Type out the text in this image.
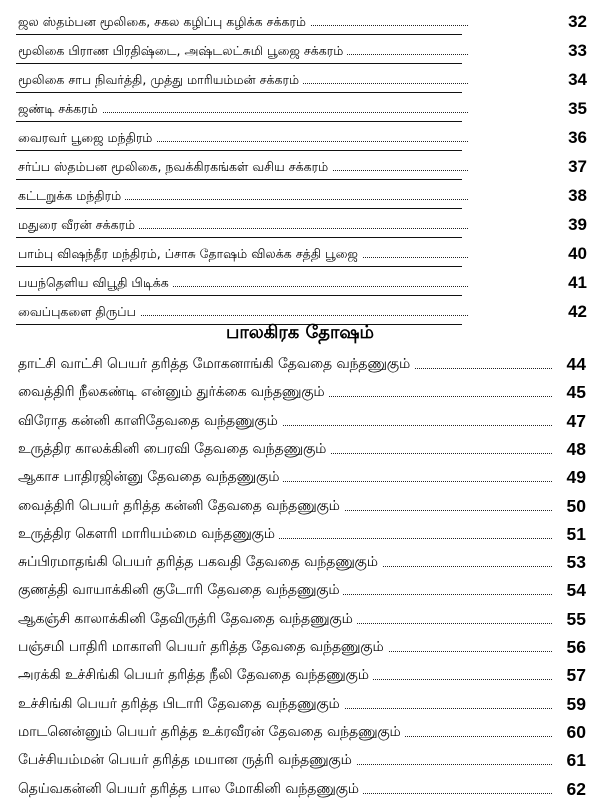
ஜல ஸ்தம்பன மூலிகை, சகல கழிப்பு கழிக்க சக்கரம்	32
மூலிகை பிராண பிரதிஷ்டை, அஷ்டலட்சுமி பூஜை சக்கரம்	33
மூலிகை சாப நிவர்த்தி, முத்து மாரியம்மன் சக்கரம்	34
ஜண்டி சக்கரம்	35
வைரவர் பூஜை மந்திரம்	36
சர்ப்ப ஸ்தம்பன மூலிகை, நவக்கிரகங்கள் வசிய சக்கரம்	37
கட்டறுக்க மந்திரம்	38
மதுரை வீரன் சக்கரம்	39
பாம்பு விஷந்தீர மந்திரம், ப்சாசு தோஷம் விலக்க சத்தி பூஜை	40
பயந்தெளிய விபூதி பிடிக்க	41
வைப்புகளை திருப்ப	42
பாலகிரக தோஷம்
தாட்சி வாட்சி பெயர் தரித்த மோகனாங்கி தேவதை வந்தணுகும்	44
வைத்திரி நீலகண்டி என்னும் துர்க்கை வந்தணுகும்	45
விரோத கன்னி காளிதேவதை வந்தணுகும்	47
உருத்திர காலக்கினி பைரவி தேவதை வந்தணுகும்	48
ஆகாச பாதிரஜின்னு தேவதை வந்தணுகும்	49
வைத்திரி பெயர் தரித்த கன்னி தேவதை வந்தணுகும்	50
உருத்திர கௌரி மாரியம்மை வந்தணுகும்	51
சுப்பிரமாதங்கி பெயர் தரித்த பகவதி தேவதை வந்தணுகும்	53
குணத்தி வாயாக்கினி குடோரி தேவதை வந்தணுகும்	54
ஆகஞ்சி காலாக்கினி தேவிருத்ரி தேவதை வந்தணுகும்	55
பஞ்சமி பாதிரி மாகாளி பெயர் தரித்த தேவதை வந்தணுகும்	56
அரக்கி உச்சிங்கி பெயர் தரித்த நீலி தேவதை வந்தணுகும்	57
உச்சிங்கி பெயர் தரித்த பிடாரி தேவதை வந்தணுகும்	59
மாடனென்னும் பெயர் தரித்த உக்ரவீரன் தேவதை வந்தணுகும்	60
பேச்சியம்மன் பெயர் தரித்த மயான ருத்ரி வந்தணுகும்	61
தெய்வகன்னி பெயர் தரித்த பால மோகினி வந்தணுகும்	62
